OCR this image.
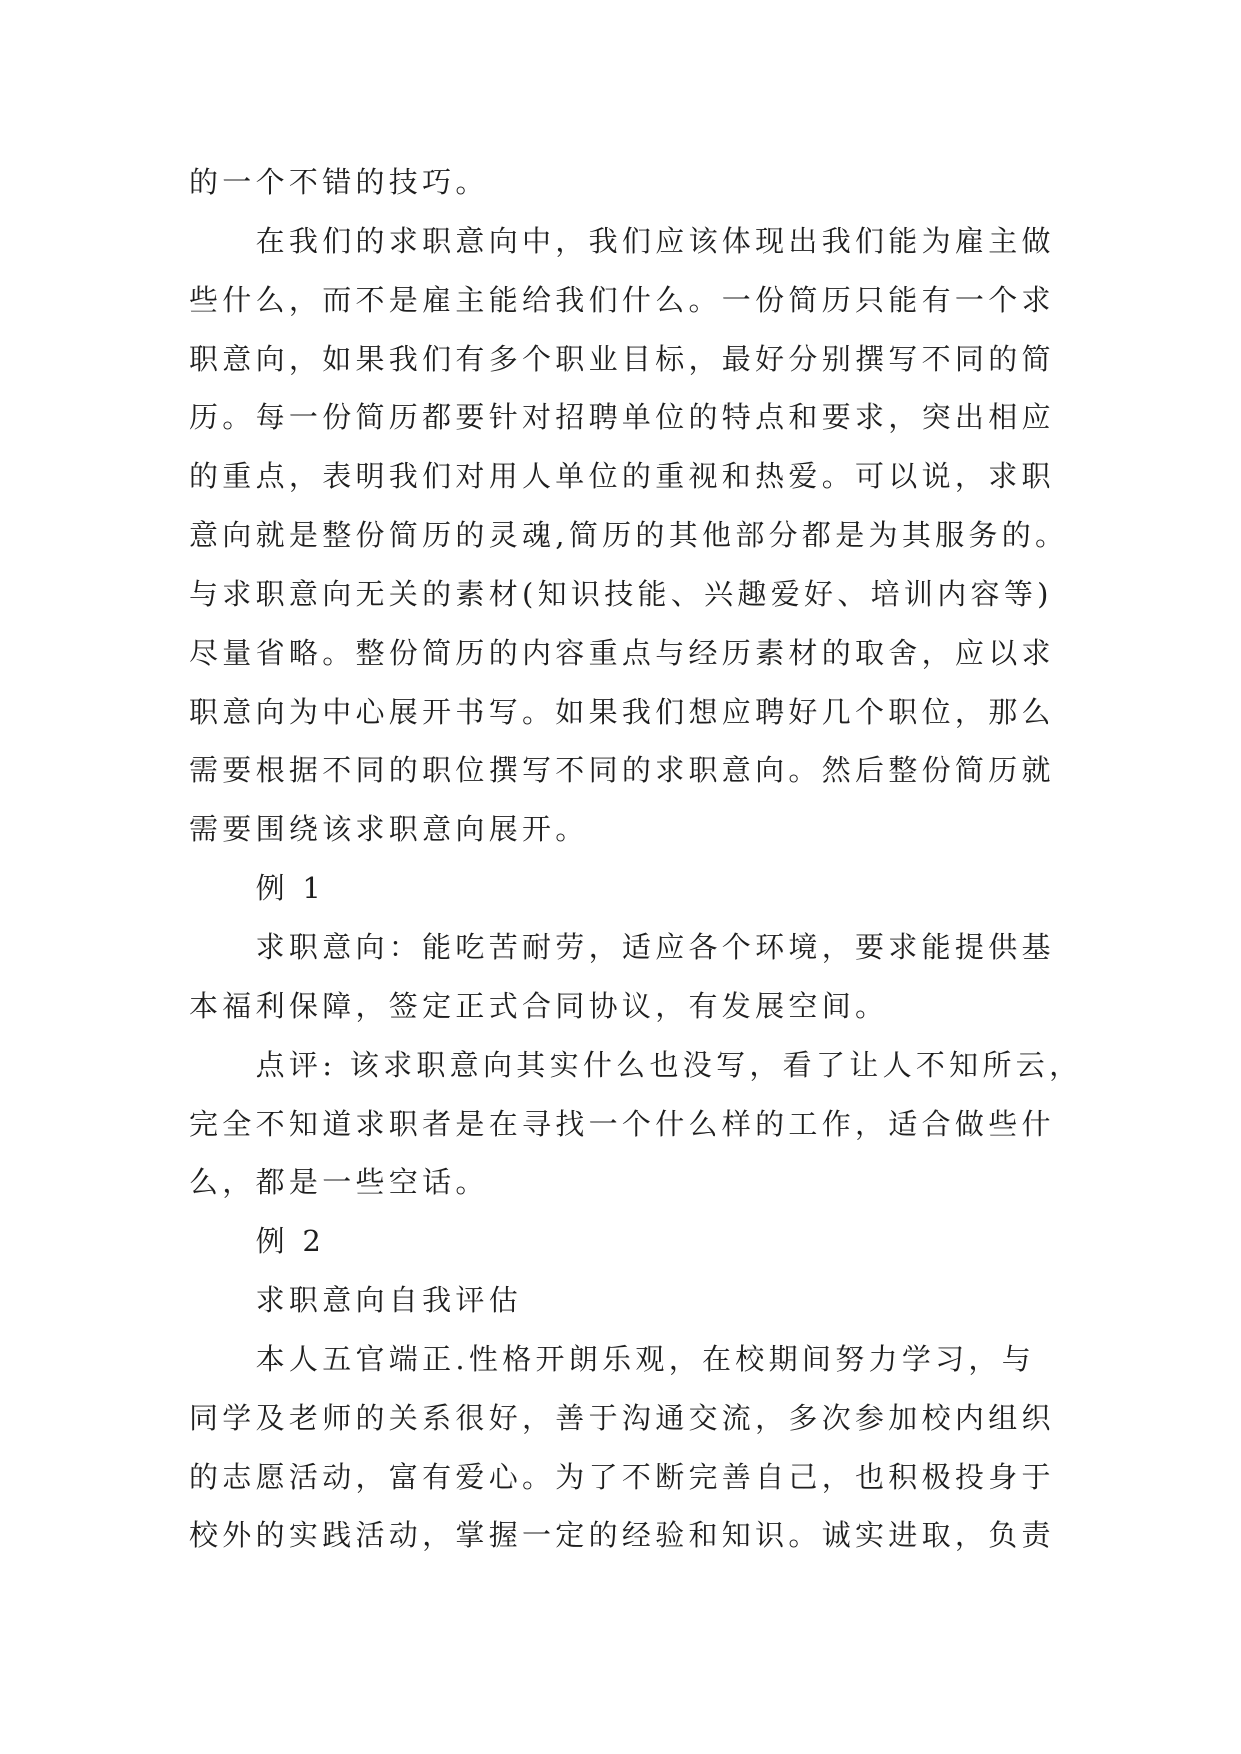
的一个不错的技巧。
在我们的求职意向中，我们应该体现出我们能为雇主做
些什么，而不是雇主能给我们什么。一份简历只能有一个求
职意向，如果我们有多个职业目标，最好分别撰写不同的简
历。每一份简历都要针对招聘单位的特点和要求，突出相应
的重点，表明我们对用人单位的重视和热爱。可以说，求职
意向就是整份简历的灵魂,简历的其他部分都是为其服务的。
与求职意向无关的素材(知识技能、兴趣爱好、培训内容等)
尽量省略。整份简历的内容重点与经历素材的取舍，应以求
职意向为中心展开书写。如果我们想应聘好几个职位，那么
需要根据不同的职位撰写不同的求职意向。然后整份简历就
需要围绕该求职意向展开。
例 1
求职意向：能吃苦耐劳，适应各个环境，要求能提供基
本福利保障，签定正式合同协议，有发展空间。
点评: 该求职意向其实什么也没写，看了让人不知所云，
完全不知道求职者是在寻找一个什么样的工作，适合做些什
么，都是一些空话。
例 2
求职意向自我评估
本人五官端正.性格开朗乐观，在校期间努力学习，与
同学及老师的关系很好，善于沟通交流，多次参加校内组织
的志愿活动，富有爱心。为了不断完善自己，也积极投身于
校外的实践活动，掌握一定的经验和知识。诚实进取，负责
